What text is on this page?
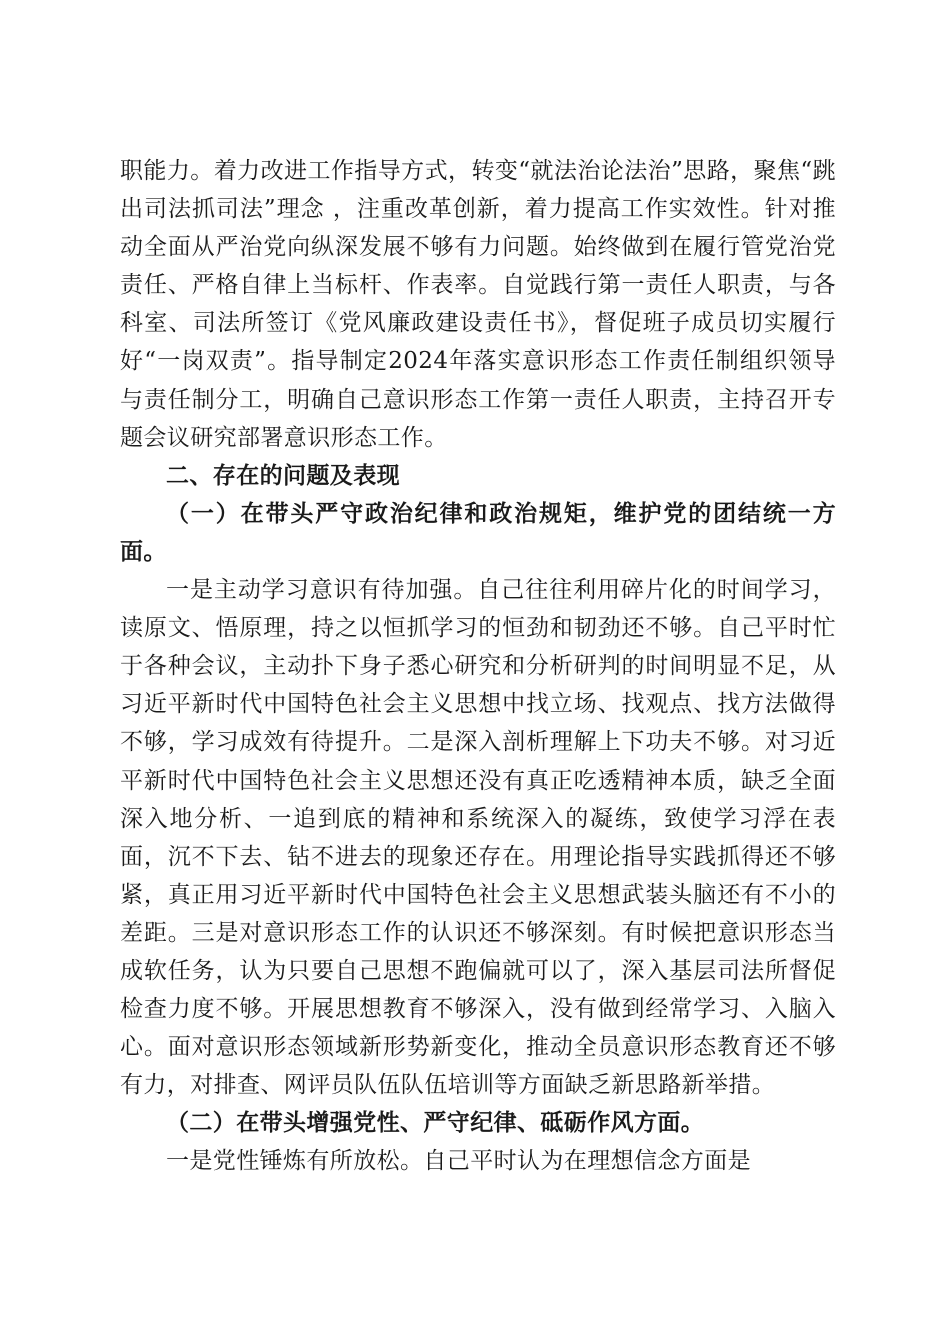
职能力。着力改进工作指导方式，转变“就法治论法治”思路，聚焦“跳出司法抓司法”理念 ，注重改革创新，着力提高工作实效性。针对推动全面从严治党向纵深发展不够有力问题。始终做到在履行管党治党责任、严格自律上当标杆、作表率。自觉践行第一责任人职责，与各科室、司法所签订《党风廉政建设责任书》，督促班子成员切实履行好“一岗双责”。指导制定2024年落实意识形态工作责任制组织领导与责任制分工，明确自己意识形态工作第一责任人职责，主持召开专题会议研究部署意识形态工作。

二、存在的问题及表现

（一）在带头严守政治纪律和政治规矩，维护党的团结统一方面。

一是主动学习意识有待加强。自己往往利用碎片化的时间学习，读原文、悟原理，持之以恒抓学习的恒劲和韧劲还不够。自己平时忙于各种会议，主动扑下身子悉心研究和分析研判的时间明显不足，从习近平新时代中国特色社会主义思想中找立场、找观点、找方法做得不够，学习成效有待提升。二是深入剖析理解上下功夫不够。对习近平新时代中国特色社会主义思想还没有真正吃透精神本质，缺乏全面深入地分析、一追到底的精神和系统深入的凝练，致使学习浮在表面，沉不下去、钻不进去的现象还存在。用理论指导实践抓得还不够紧，真正用习近平新时代中国特色社会主义思想武装头脑还有不小的差距。三是对意识形态工作的认识还不够深刻。有时候把意识形态当成软任务，认为只要自己思想不跑偏就可以了，深入基层司法所督促检查力度不够。开展思想教育不够深入，没有做到经常学习、入脑入心。面对意识形态领域新形势新变化，推动全员意识形态教育还不够有力，对排查、网评员队伍队伍培训等方面缺乏新思路新举措。

（二）在带头增强党性、严守纪律、砥砺作风方面。

一是党性锤炼有所放松。自己平时认为在理想信念方面是
